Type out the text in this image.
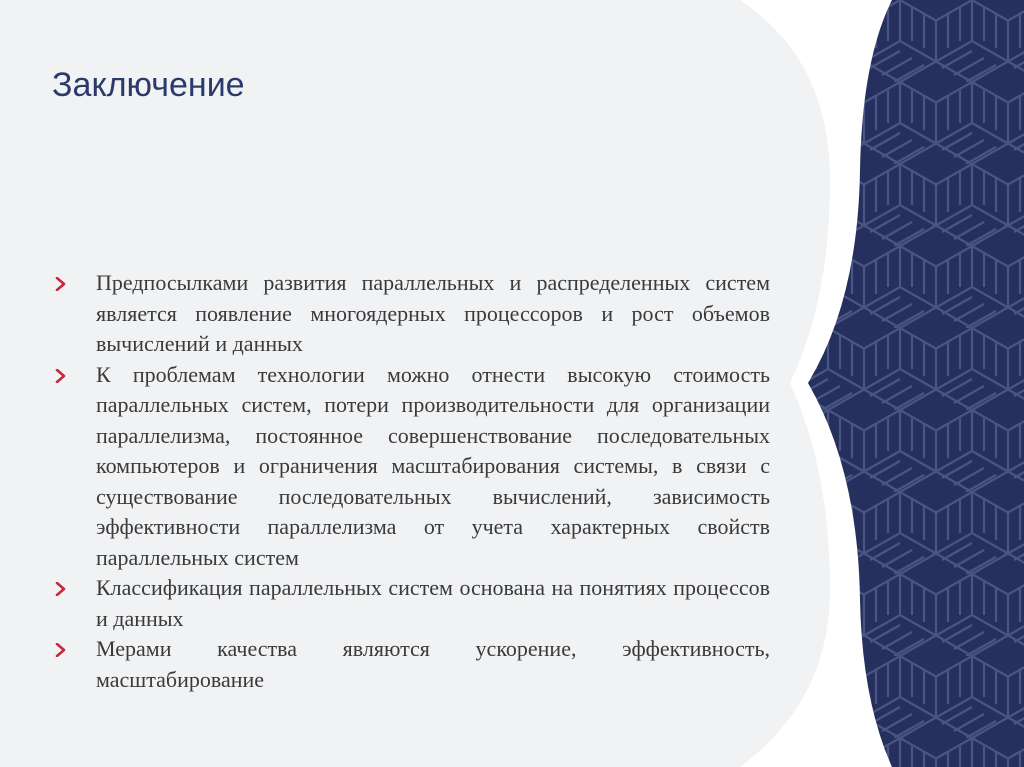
Заключение
Предпосылками развития параллельных и распределенных систем является появление многоядерных процессоров и рост объемов вычислений и данных
К проблемам технологии можно отнести высокую стоимость параллельных систем, потери производительности для организации параллелизма, постоянное совершенствование последовательных компьютеров и ограничения масштабирования системы, в связи с существование последовательных вычислений, зависимость эффективности параллелизма от учета характерных свойств параллельных систем
Классификация параллельных систем основана на понятиях процессов и данных
Мерами качества являются ускорение, эффективность, масштабирование
